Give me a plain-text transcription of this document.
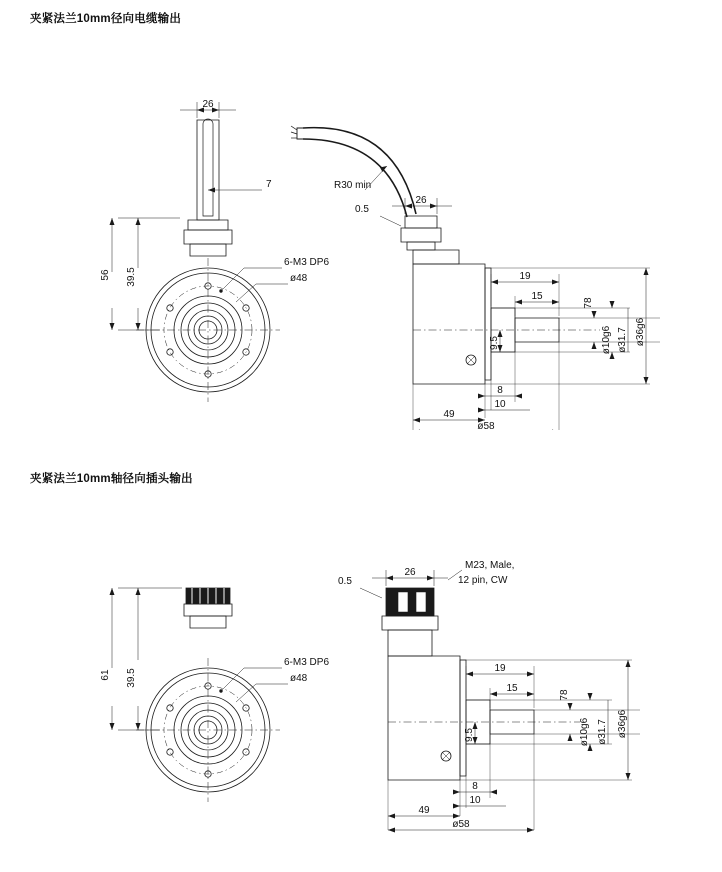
夹紧法兰10mm径向电缆输出
26
7
56 39.5
6-M3 DP6
ø48
R30 min
0.5
26
19
15
9.5
78
ø10g6 ø31.7 ø36g6
8
10
49
ø58
夹紧法兰10mm轴径向插头输出
61 39.5
6-M3 DP6
ø48
0.5
26
M23, Male,
12 pin, CW
19
15
9.5
78
ø10g6 ø31.7 ø36g6
8
10
49
ø58
